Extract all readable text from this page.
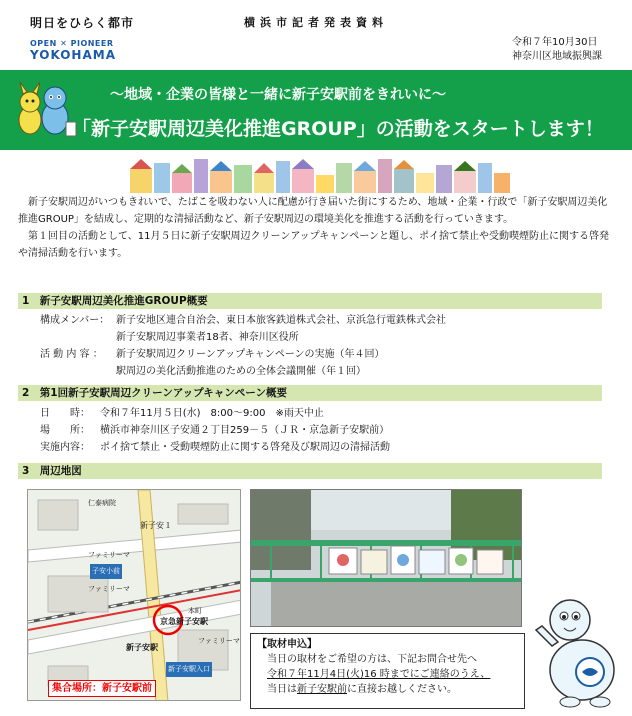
明日をひらく都市
OPEN ✕ PIONEER
YOKOHAMA
横浜市記者発表資料
令和７年10月30日
神奈川区地域振興課
～地域・企業の皆様と一緒に新子安駅前をきれいに～
「新子安駅周辺美化推進GROUP」の活動をスタートします！

新子安駅周辺がいつもきれいで、たばこを吸わない人に配慮が行き届いた街にするため、地域・企業・行政で「新子安駅周辺美化推進GROUP」を結成し、定期的な清掃活動など、新子安駅周辺の環境美化を推進する活動を行っていきます。

第１回目の活動として、11月５日に新子安駅周辺クリーンアップキャンペーンと題し、ポイ捨て禁止や受動喫煙防止に関する啓発や清掃活動を行います。

1　新子安駅周辺美化推進GROUP概要
構成メンバー： 新子安地区連合自治会、東日本旅客鉄道株式会社、京浜急行電鉄株式会社
新子安駅周辺事業者18者、神奈川区役所
活 動 内 容 ： 新子安駅周辺クリーンアップキャンペーンの実施（年４回）
駅周辺の美化活動推進のための全体会議開催（年１回）
2　第1回新子安駅周辺クリーンアップキャンペーン概要
日　　時： 令和７年11月５日(水)　8:00～9:00　※雨天中止
場　　所： 横浜市神奈川区子安通２丁目259－５（ＪＲ・京急新子安駅前）
実施内容： ポイ捨て禁止・受動喫煙防止に関する啓発及び駅周辺の清掃活動
3　周辺地図
新子安１
仁泰病院
ファミリーマ
ファミリーマ
子安小前
京急新子安駅
本町
新子安駅
ファミリーマ
新子安駅入口
集合場所：新子安駅前
【取材申込】
当日の取材をご希望の方は、下記お問合せ先へ
令和７年11月4日(火)16 時までにご連絡のうえ、
当日は新子安駅前に直接お越しください。
